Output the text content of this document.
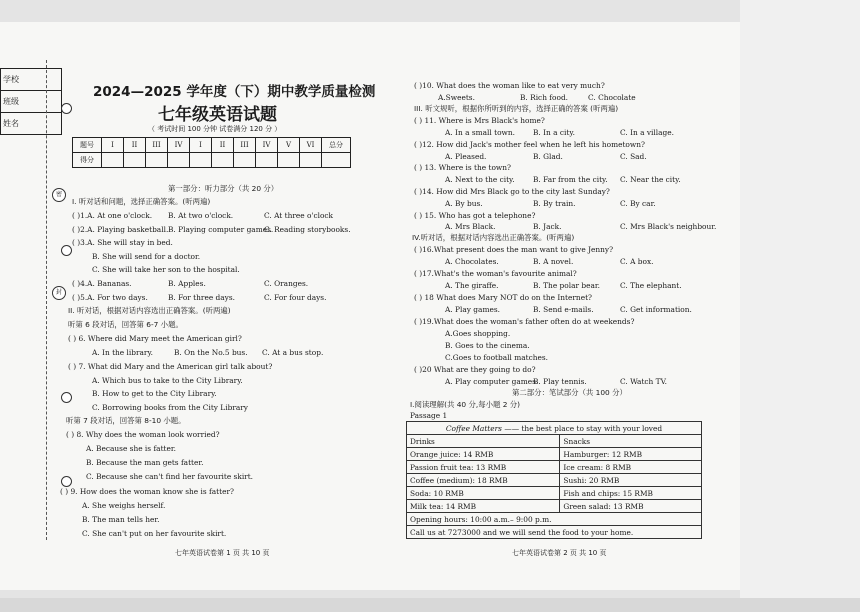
学校
班级
姓名
密
封
2024—2025 学年度（下）期中教学质量检测
七年级英语试题
（ 考试时间 100 分钟 试卷满分 120 分 ）
题号	I	II	III	IV	I	II	III	IV	V	VI	总分
得分											
第一部分：听力部分（共 20 分）
I. 听对话和问题，选择正确答案。(听两遍)
( )1.A. At one o'clock. B. At two o'clock.	C. At three o'clock
( )2.A. Playing basketball. B. Playing computer games.
C. Reading storybooks.
( )3.A. She will stay in bed.
B. She will send for a doctor.
C. She will take her son to the hospital.
( )4.A. Bananas.	B. Apples.	C. Oranges.
( )5.A. For two days.	B. For three days.	C. For four days.
II. 听对话，根据对话内容选出正确答案。(听两遍)
听第 6 段对话，回答第 6-7 小题。
( ) 6. Where did Mary meet the American girl?
A. In the library.	B. On the No.5 bus. C. At a bus stop.
( ) 7. What did Mary and the American girl talk about?
A. Which bus to take to the City Library.
B. How to get to the City Library.
C. Borrowing books from the City Library
听第 7 段对话，回答第 8-10 小题。
( ) 8. Why does the woman look worried?
A. Because she is fatter.
B. Because the man gets fatter.
C. Because she can't find her favourite skirt.
( ) 9. How does the woman know she is fatter?
A. She weighs herself.
B. The man tells her.
C. She can't put on her favourite skirt.
七年英语试卷第 1 页 共 10 页
( )10. What does the woman like to eat very much?
A.Sweets.	B. Rich food.	C. Chocolate
III. 听文规听，根据你所听到的内容，选择正确的答案 (听两遍)
( ) 11. Where is Mrs Black's home?
A. In a small town. B. In a city.	C. In a village.
( )12. How did Jack's mother feel when he left his hometown?
A. Pleased.	B. Glad.	C. Sad.
( ) 13. Where is the town?
A. Next to the city. B. Far from the city. C. Near the city.
( )14. How did Mrs Black go to the city last Sunday?
A. By bus.	B. By train.	C. By car.
( ) 15. Who has got a telephone?
A. Mrs Black.	B. Jack.	C. Mrs Black's neighbour.
IV.听对话，根据对话内容选出正确答案。(听两遍)
( )16.What present does the man want to give Jenny?
A. Chocolates.	B. A novel.	C. A box.
( )17.What's the woman's favourite animal?
A. The giraffe.	B. The polar bear.	C. The elephant.
( ) 18 What does Mary NOT do on the Internet?
A. Play games.	B. Send e-mails.	C. Get information.
( )19.What does the woman's father often do at weekends?
A.Goes shopping.
B. Goes to the cinema.
C.Goes to football matches.
( )20 What are they going to do?
A. Play computer games.
B. Play tennis.	C. Watch TV.
第二部分：笔试部分（共 100 分）
I.阅读理解(共 40 分,每小题 2 分)
Passage 1
Coffee Matters —— the best place to stay with your loved	
Drinks	Snacks
Orange juice: 14 RMB	Hamburger: 12 RMB
Passion fruit tea: 13 RMB	Ice cream: 8 RMB
Coffee (medium): 18 RMB	Sushi: 20 RMB
Soda: 10 RMB	Fish and chips: 15 RMB
Milk tea: 14 RMB	Green salad: 13 RMB
Opening hours: 10:00 a.m.– 9:00 p.m.	
Call us at 7273000 and we will send the food to your home.	
七年英语试卷第 2 页 共 10 页
